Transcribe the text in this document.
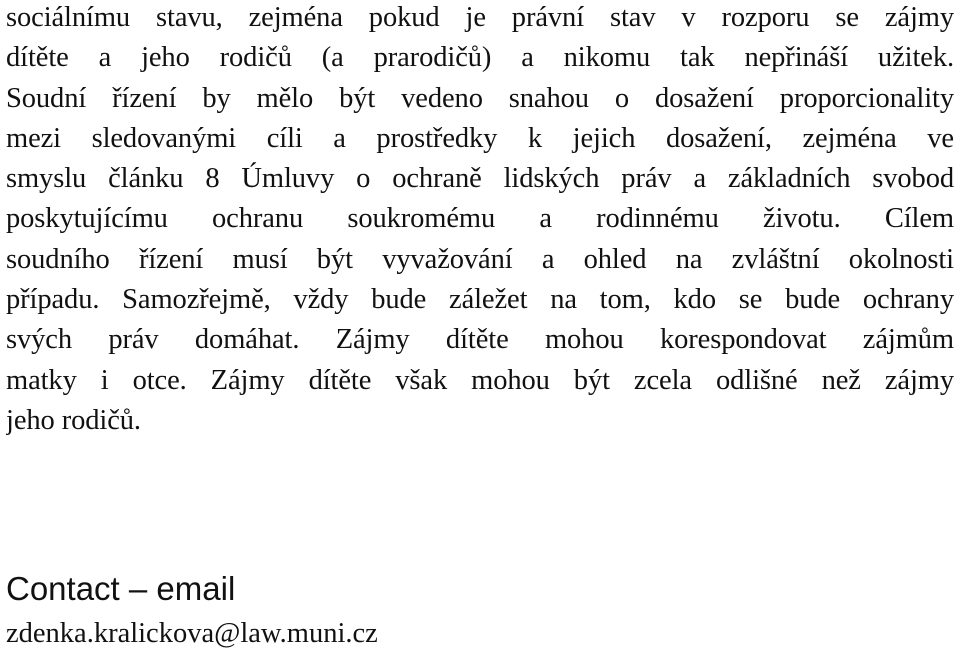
sociálnímu stavu, zejména pokud je právní stav v rozporu se zájmy
dítěte a jeho rodičů (a prarodičů) a nikomu tak nepřináší užitek.
Soudní řízení by mělo být vedeno snahou o dosažení proporcionality
mezi sledovanými cíli a prostředky k jejich dosažení, zejména ve
smyslu článku 8 Úmluvy o ochraně lidských práv a základních svobod
poskytujícímu ochranu soukromému a rodinnému životu. Cílem
soudního řízení musí být vyvažování a ohled na zvláštní okolnosti
případu. Samozřejmě, vždy bude záležet na tom, kdo se bude ochrany
svých práv domáhat. Zájmy dítěte mohou korespondovat zájmům
matky i otce. Zájmy dítěte však mohou být zcela odlišné než zájmy
jeho rodičů.
Contact – email
zdenka.kralickova@law.muni.cz
